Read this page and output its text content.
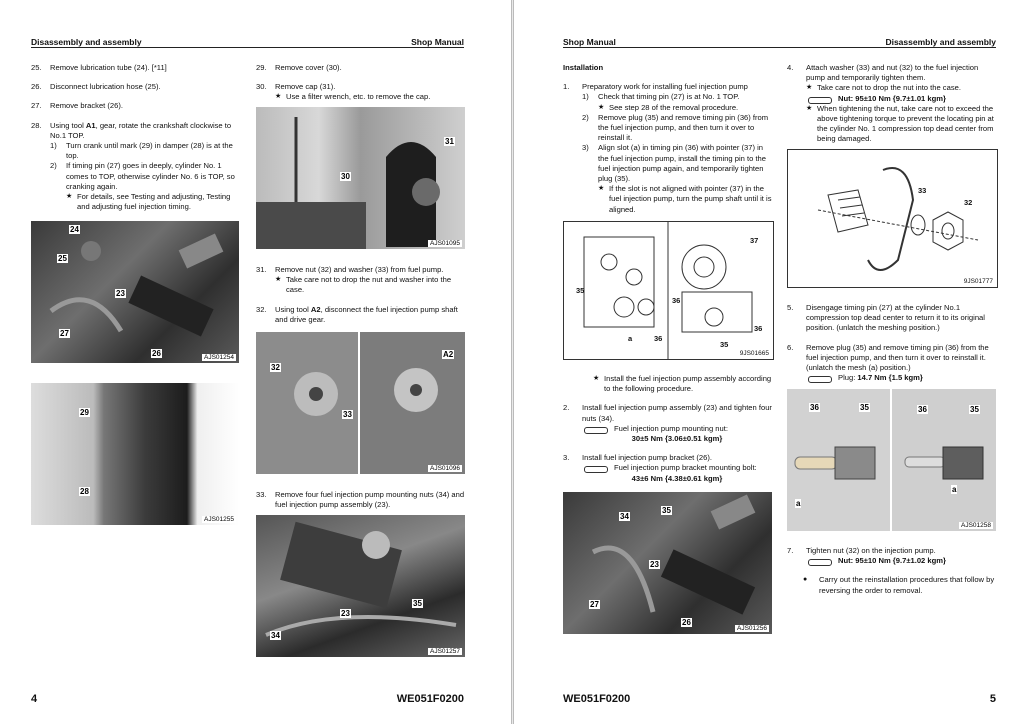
Disassembly and assembly	Shop Manual
25. Remove lubrication tube (24). [*11]
26. Disconnect lubrication hose (25).
27. Remove bracket (26).
28. Using tool A1, gear, rotate the crankshaft clockwise to No.1 TOP.
1) Turn crank until mark (29) in damper (28) is at the top.
2) If timing pin (27) goes in deeply, cylinder No. 1 comes to TOP, otherwise cylinder No. 6 is TOP, so cranking again.
★ For details, see Testing and adjusting, Testing and adjusting fuel injection timing.
24
25
23
27
26	AJS01254
29
28
AJS01255
29. Remove cover (30).
30. Remove cap (31).
★ Use a filter wrench, etc. to remove the cap.
31
30
AJS01095
31. Remove nut (32) and washer (33) from fuel pump.
★ Take care not to drop the nut and washer into the case.
32. Using tool A2, disconnect the fuel injection pump shaft and drive gear.
32
33
A2
AJS01096
33. Remove four fuel injection pump mounting nuts (34) and fuel injection pump assembly (23).
23
35
34
AJS01257
4	WE051F0200
Shop Manual	Disassembly and assembly

Installation

1. Preparatory work for installing fuel injection pump
1) Check that timing pin (27) is at No. 1 TOP.
★ See step 28 of the removal procedure.
2) Remove plug (35) and remove timing pin (36) from the fuel injection pump, and then turn it over to reinstall it.
3) Align slot (a) in timing pin (36) with pointer (37) in the fuel injection pump, install the timing pin to the fuel injection pump again, and temporarily tighten plug (35).
★ If the slot is not aligned with pointer (37) in the fuel injection pump, turn the pump shaft until it is aligned.
37
35
36
a	36
35
36
9JS01665
★ Install the fuel injection pump assembly according to the following procedure.
2. Install fuel injection pump assembly (23) and tighten four nuts (34).
Fuel injection pump mounting nut:
30±5 Nm {3.06±0.51 kgm}
3. Install fuel injection pump bracket (26).
Fuel injection pump bracket mounting bolt:
43±6 Nm {4.38±0.61 kgm}
34
35
23
27
26
AJS01256
4. Attach washer (33) and nut (32) to the fuel injection pump and temporarily tighten them.
★ Take care not to drop the nut into the case.
Nut: 95±10 Nm {9.7±1.01 kgm}
★ When tightening the nut, take care not to exceed the above tightening torque to prevent the locating pin at the cylinder No. 1 compression top dead center from being damaged.
33
32
9JS01777
5. Disengage timing pin (27) at the cylinder No.1 compression top dead center to return it to its original position. (unlatch the meshing position.)
6. Remove plug (35) and remove timing pin (36) from the fuel injection pump, and then turn it over to reinstall it. (unlatch the mesh (a) position.)
Plug: 14.7 Nm {1.5 kgm}
36	35
a
36	35
a
AJS01258
7. Tighten nut (32) on the injection pump.
Nut: 95±10 Nm {9.7±1.02 kgm}
● Carry out the reinstallation procedures that follow by reversing the order to removal.
WE051F0200	5
